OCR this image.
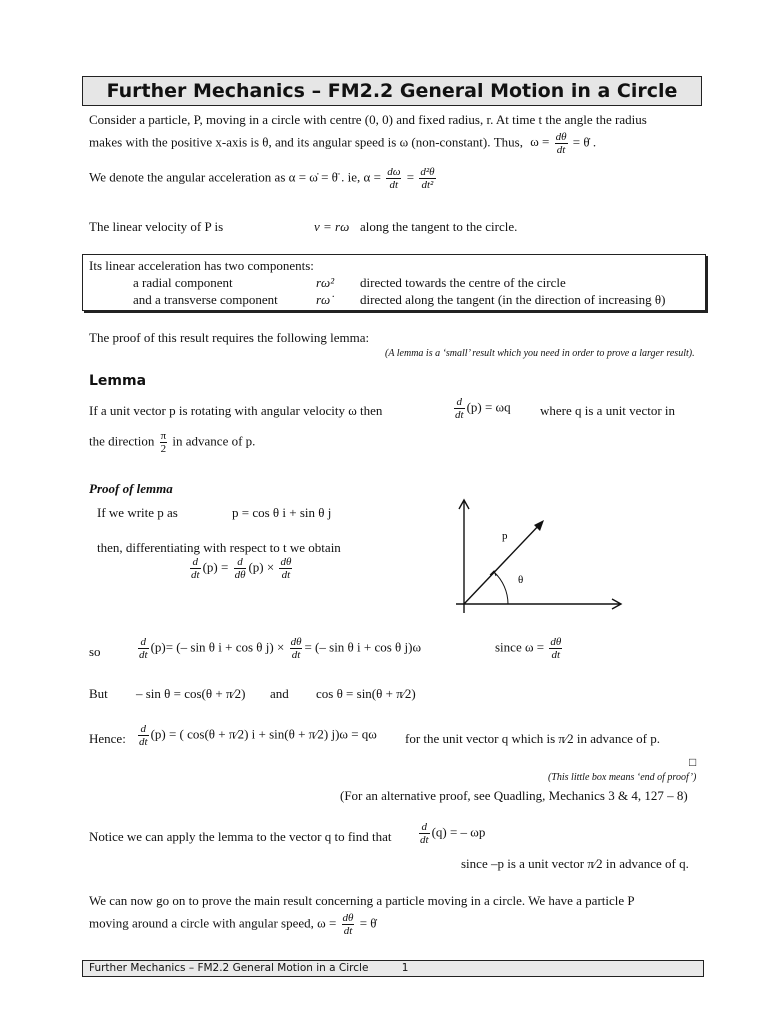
Further Mechanics – FM2.2 General Motion in a Circle
Consider a particle, P, moving in a circle with centre (0, 0) and fixed radius, r. At time t the angle the radius
makes with the positive x-axis is θ, and its angular speed is ω (non-constant). Thus, $\omega = \frac{d\theta}{dt}$ = θ̇ .
We denote the angular acceleration as α = ω̇ = θ̈ . ie, $\alpha = \frac{d\omega}{dt} = \frac{\text{d²θ}}{\text{dt²}}$
The linear velocity of P is	v = rω along the tangent to the circle.
Its linear acceleration has two components:
a radial component	rω² directed towards the centre of the circle
and a transverse component	rω̇ directed along the tangent (in the direction of increasing θ)
The proof of this result requires the following lemma:
(A lemma is a ‘small’ result which you need in order to prove a larger result).
Lemma
If a unit vector p is rotating with angular velocity ω then	$\frac{d}{dt} (p) = \omega q$ where q is a unit vector in
the direction $\frac{\pi}{2}$ in advance of p.
Proof of lemma
If we write p as	p = cos θ i + sin θ j
then, differentiating with respect to t we obtain
$\frac{d}{dt} (p) = \frac{d}{d\theta} (p) \times \frac{d\theta}{dt}$
p
θ
so	$\frac{d}{dt} (p)=$ (– sin θ i + cos θ $j) \times \frac{d\theta}{dt}$ = (– sin θ i + cos θ j)ω	since $\omega = \frac{d\theta}{dt}$
But – sin θ = cos(θ + π⁄2) and cos θ = sin(θ + π⁄2)
Hence: $\frac{d}{dt} (p)$ = ( cos(θ + π⁄2) i + sin(θ + π⁄2) j)ω = qω for the unit vector q which is π⁄2 in advance of p.
□
(This little box means ‘end of proof’)
(For an alternative proof, see Quadling, Mechanics 3 & 4, 127 – 8)
Notice we can apply the lemma to the vector q to find that $\frac{d}{dt} (q)$ = – ωp
since –p is a unit vector π⁄2 in advance of q.
We can now go on to prove the main result concerning a particle moving in a circle. We have a particle P
moving around a circle with angular speed, $\omega = \frac{d\theta}{dt}$ = θ̇
Further Mechanics – FM2.2 General Motion in a Circle	1
